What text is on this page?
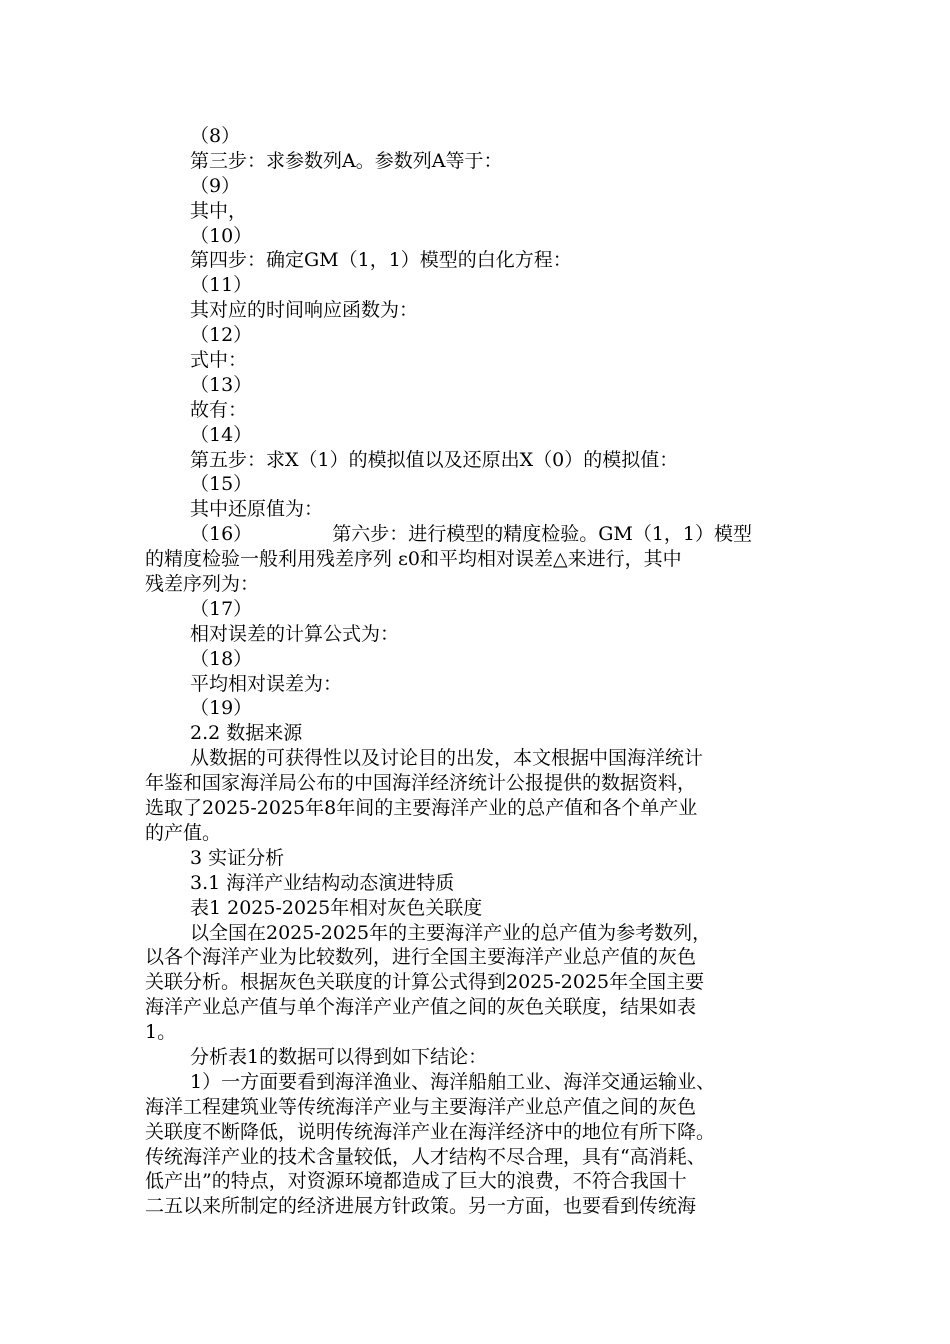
（8）
第三步：求参数列A。参数列A等于：
（9）
其中，
（10）
第四步：确定GM（1，1）模型的白化方程：
（11）
其对应的时间响应函数为：
（12）
式中：
（13）
故有：
（14）
第五步：求X（1）的模拟值以及还原出X（0）的模拟值：
（15）
其中还原值为：
（16）	第六步：进行模型的精度检验。GM（1，1）模型
的精度检验一般利用残差序列 ε0和平均相对误差△来进行，其中
残差序列为：
（17）
相对误差的计算公式为：
（18）
平均相对误差为：
（19）
2.2 数据来源
从数据的可获得性以及讨论目的出发，本文根据中国海洋统计
年鉴和国家海洋局公布的中国海洋经济统计公报提供的数据资料，
选取了2025-2025年8年间的主要海洋产业的总产值和各个单产业
的产值。
3 实证分析
3.1 海洋产业结构动态演进特质
表1 2025-2025年相对灰色关联度
以全国在2025-2025年的主要海洋产业的总产值为参考数列，
以各个海洋产业为比较数列，进行全国主要海洋产业总产值的灰色
关联分析。根据灰色关联度的计算公式得到2025-2025年全国主要
海洋产业总产值与单个海洋产业产值之间的灰色关联度，结果如表
1。
分析表1的数据可以得到如下结论：
1）一方面要看到海洋渔业、海洋船舶工业、海洋交通运输业、
海洋工程建筑业等传统海洋产业与主要海洋产业总产值之间的灰色
关联度不断降低，说明传统海洋产业在海洋经济中的地位有所下降。
传统海洋产业的技术含量较低，人才结构不尽合理，具有“高消耗、
低产出”的特点，对资源环境都造成了巨大的浪费，不符合我国十
二五以来所制定的经济进展方针政策。另一方面，也要看到传统海
